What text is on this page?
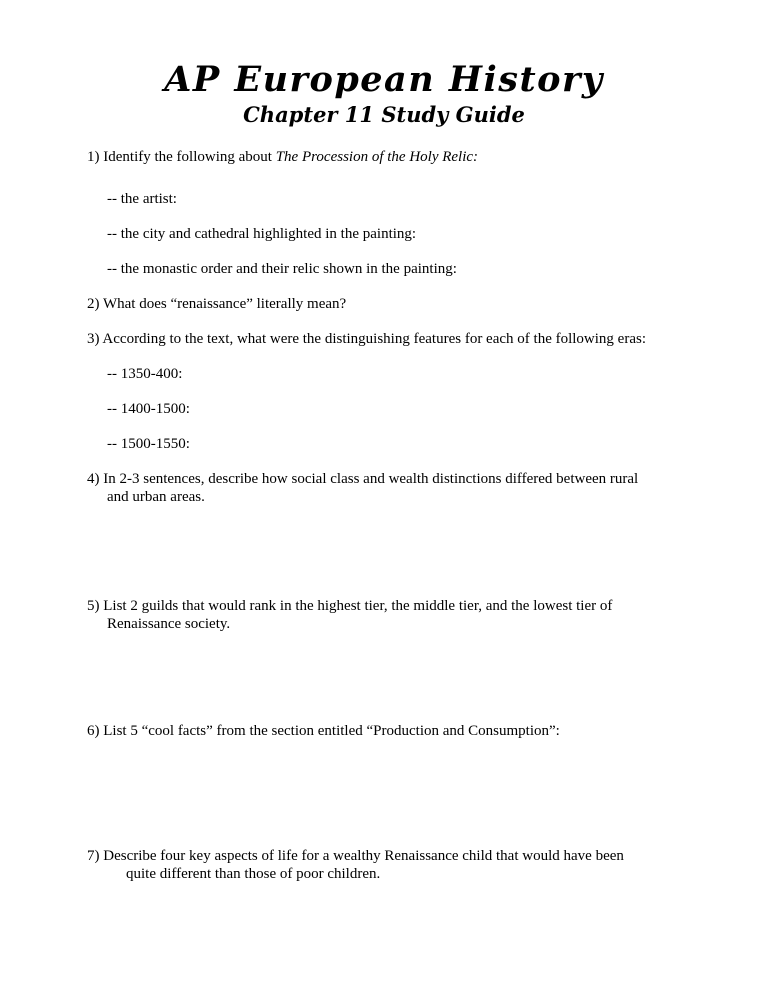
AP European History
Chapter 11 Study Guide
1) Identify the following about The Procession of the Holy Relic:
-- the artist:
-- the city and cathedral highlighted in the painting:
-- the monastic order and their relic shown in the painting:
2) What does “renaissance” literally mean?
3) According to the text, what were the distinguishing features for each of the following eras:
-- 1350-400:
-- 1400-1500:
-- 1500-1550:
4) In 2-3 sentences, describe how social class and wealth distinctions differed between rural
and urban areas.
5) List 2 guilds that would rank in the highest tier, the middle tier, and the lowest tier of
Renaissance society.
6) List 5 “cool facts” from the section entitled “Production and Consumption”:
7) Describe four key aspects of life for a wealthy Renaissance child that would have been
quite different than those of poor children.
